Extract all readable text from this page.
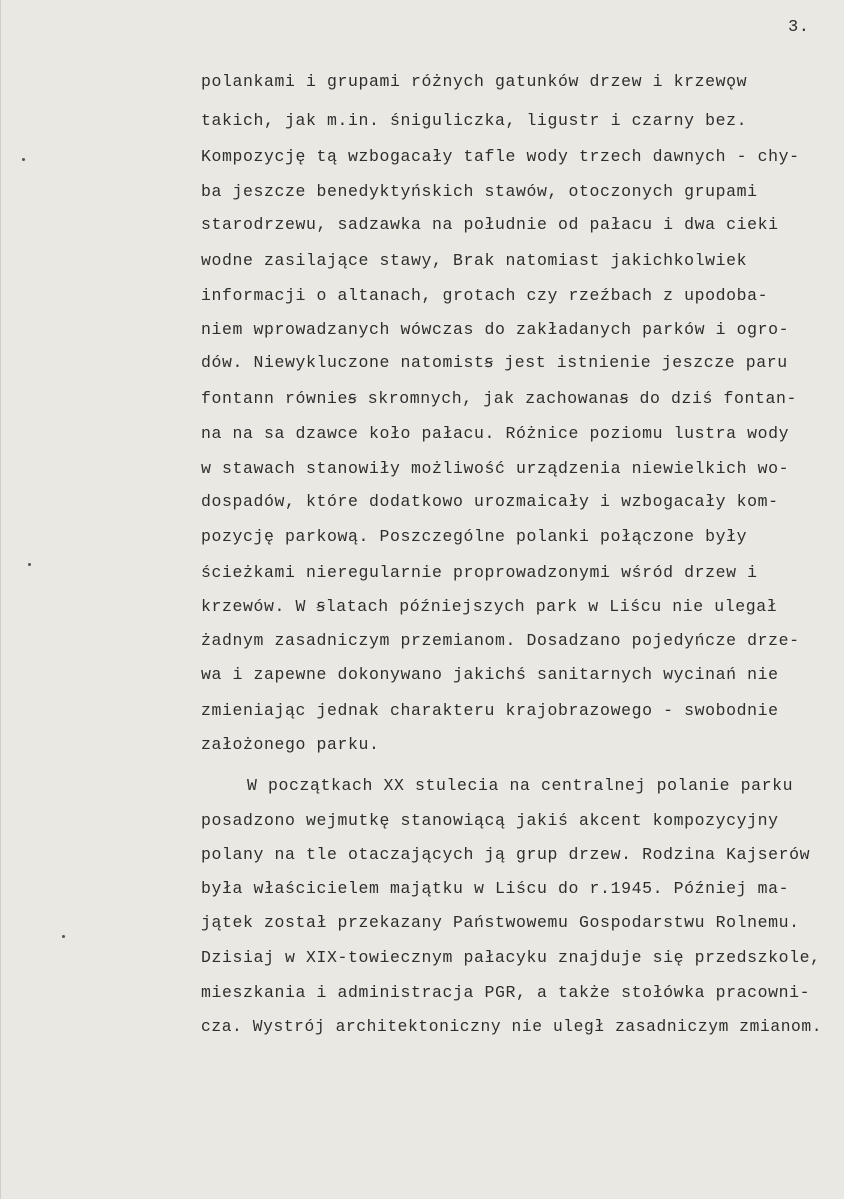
3.
polankami i grupami różnych gatunków drzew i krzewǫw
takich, jak m.in. śniguliczka, ligustr i czarny bez.
Kompozycję tą wzbogacały tafle wody trzech dawnych - chy-
ba jeszcze benedyktyńskich stawów, otoczonych grupami
starodrzewu, sadzawka na południe od pałacu i dwa cieki
wodne zasilające stawy, Brak natomiast jakichkolwiek
informacji o altanach, grotach czy rzeźbach z upodoba-
niem wprowadzanych wówczas do zakładanych parków i ogro-
dów. Niewykluczone natomistꞩ jest istnienie jeszcze paru
fontann równieꞩ skromnych, jak zachowanaꞩ do dziś fontan-
na na sa dzawce koło pałacu. Różnice poziomu lustra wody
w stawach stanowiły możliwość urządzenia niewielkich wo-
dospadów, które dodatkowo urozmaicały i wzbogacały kom-
pozycję parkową. Poszczególne polanki połączone były
ścieżkami nieregularnie proprowadzonymi wśród drzew i
krzewów. W ꞩlatach późniejszych park w Liścu nie ulegał
żadnym zasadniczym przemianom. Dosadzano pojedyńcze drze-
wa i zapewne dokonywano jakichś sanitarnych wycinań nie
zmieniając jednak charakteru krajobrazowego - swobodnie
założonego parku.
W początkach XX stulecia na centralnej polanie parku
posadzono wejmutkę stanowiącą jakiś akcent kompozycyjny
polany na tle otaczających ją grup drzew. Rodzina Kajserów
była właścicielem majątku w Liścu do r.1945. Później ma-
jątek został przekazany Państwowemu Gospodarstwu Rolnemu.
Dzisiaj w XIX-towiecznym pałacyku znajduje się przedszkole,
mieszkania i administracja PGR, a także stołówka pracowni-
cza. Wystrój architektoniczny nie uległ zasadniczym zmianom.
